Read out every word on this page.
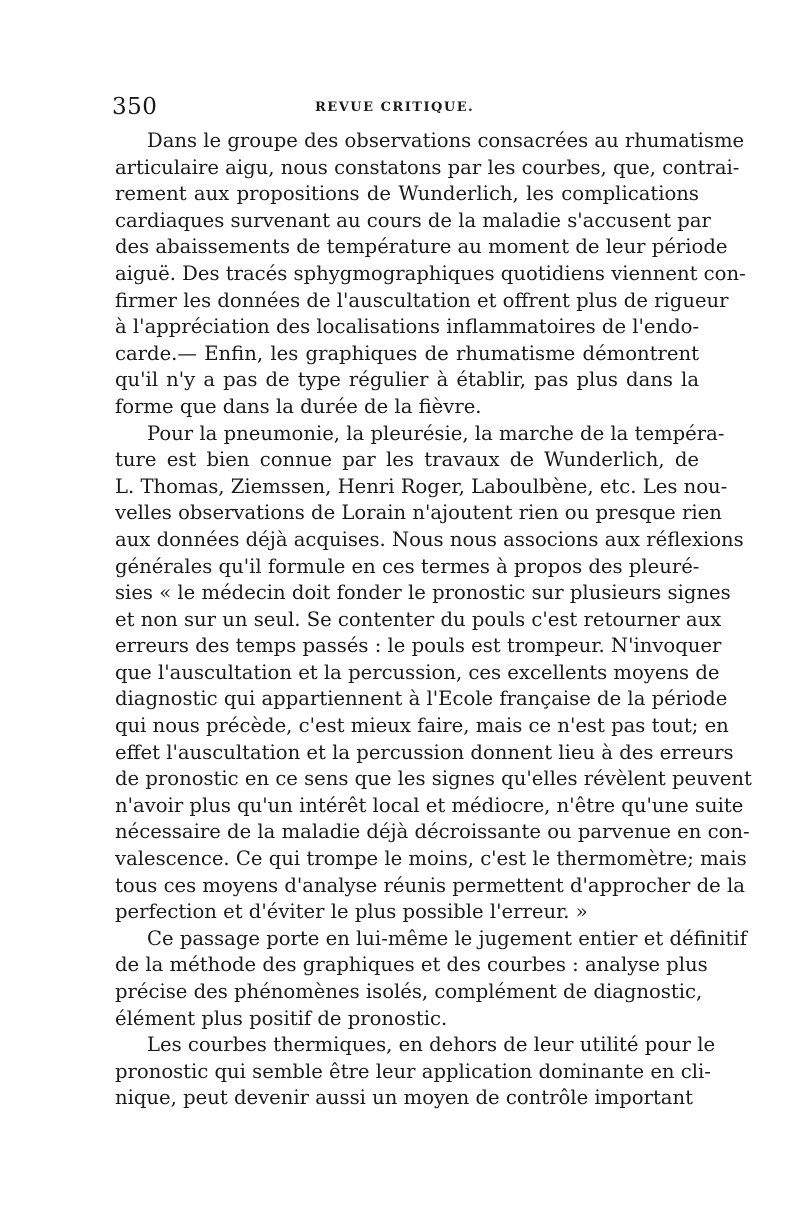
350	REVUE CRITIQUE.
Dans le groupe des observations consacrées au rhumatisme
articulaire aigu, nous constatons par les courbes, que, contrai-
rement aux propositions de Wunderlich, les complications
cardiaques survenant au cours de la maladie s'accusent par
des abaissements de température au moment de leur période
aiguë. Des tracés sphygmographiques quotidiens viennent con-
firmer les données de l'auscultation et offrent plus de rigueur
à l'appréciation des localisations inflammatoires de l'endo-
carde.— Enfin, les graphiques de rhumatisme démontrent
qu'il n'y a pas de type régulier à établir, pas plus dans la
forme que dans la durée de la fièvre.
Pour la pneumonie, la pleurésie, la marche de la tempéra-
ture est bien connue par les travaux de Wunderlich, de
L. Thomas, Ziemssen, Henri Roger, Laboulbène, etc. Les nou-
velles observations de Lorain n'ajoutent rien ou presque rien
aux données déjà acquises. Nous nous associons aux réflexions
générales qu'il formule en ces termes à propos des pleuré-
sies « le médecin doit fonder le pronostic sur plusieurs signes
et non sur un seul. Se contenter du pouls c'est retourner aux
erreurs des temps passés : le pouls est trompeur. N'invoquer
que l'auscultation et la percussion, ces excellents moyens de
diagnostic qui appartiennent à l'Ecole française de la période
qui nous précède, c'est mieux faire, mais ce n'est pas tout; en
effet l'auscultation et la percussion donnent lieu à des erreurs
de pronostic en ce sens que les signes qu'elles révèlent peuvent
n'avoir plus qu'un intérêt local et médiocre, n'être qu'une suite
nécessaire de la maladie déjà décroissante ou parvenue en con-
valescence. Ce qui trompe le moins, c'est le thermomètre; mais
tous ces moyens d'analyse réunis permettent d'approcher de la
perfection et d'éviter le plus possible l'erreur. »
Ce passage porte en lui-même le jugement entier et définitif
de la méthode des graphiques et des courbes : analyse plus
précise des phénomènes isolés, complément de diagnostic,
élément plus positif de pronostic.
Les courbes thermiques, en dehors de leur utilité pour le
pronostic qui semble être leur application dominante en cli-
nique, peut devenir aussi un moyen de contrôle important
